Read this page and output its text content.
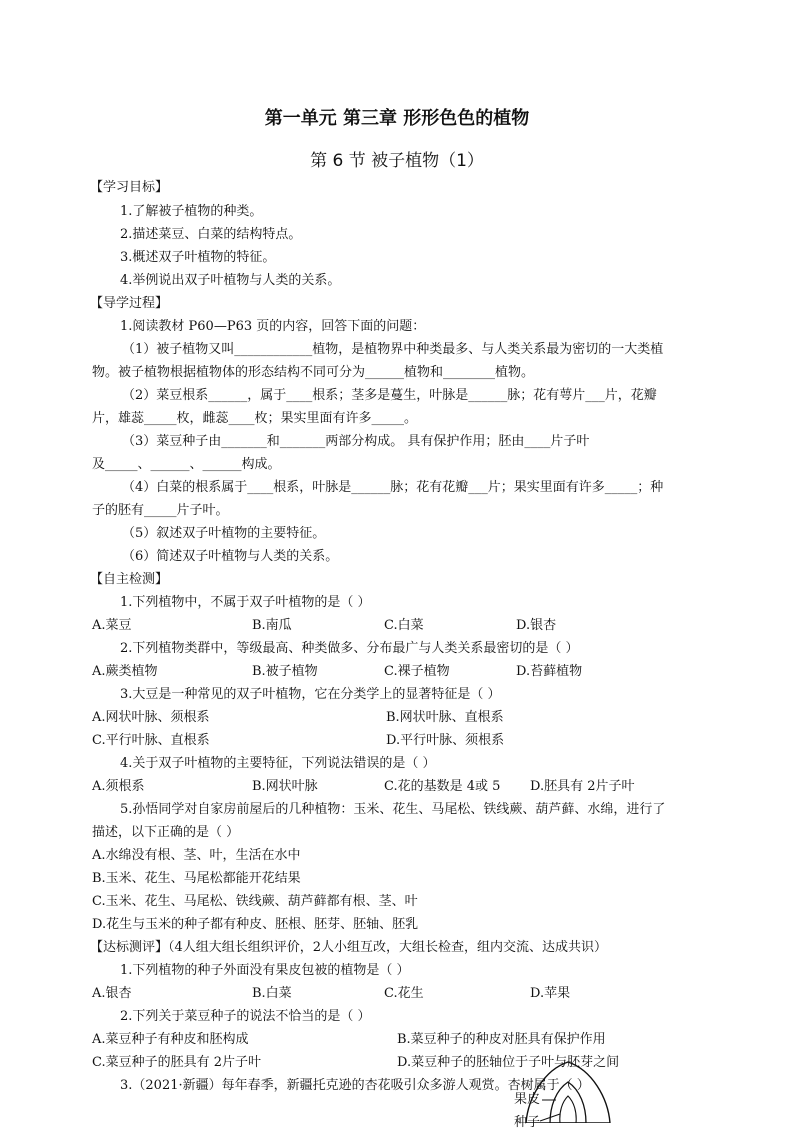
第一单元 第三章 形形色色的植物
第 6 节 被子植物（1）
【学习目标】
1.了解被子植物的种类。
2.描述菜豆、白菜的结构特点。
3.概述双子叶植物的特征。
4.举例说出双子叶植物与人类的关系。
【导学过程】
1.阅读教材 P60—P63 页的内容，回答下面的问题：
（1）被子植物又叫____________植物，是植物界中种类最多、与人类关系最为密切的一大类植
物。被子植物根据植物体的形态结构不同可分为______植物和________植物。
（2）菜豆根系______，属于____根系；茎多是蔓生，叶脉是______脉；花有萼片___片，花瓣
片，雄蕊_____枚，雌蕊____枚；果实里面有许多_____。
（3）菜豆种子由_______和_______两部分构成。 具有保护作用；胚由____片子叶
及_____、______、______构成。
（4）白菜的根系属于____根系，叶脉是______脉；花有花瓣___片；果实里面有许多_____；种
子的胚有_____片子叶。
（5）叙述双子叶植物的主要特征。
（6）简述双子叶植物与人类的关系。
【自主检测】
1.下列植物中，不属于双子叶植物的是（ ）
A.菜豆	B.南瓜	C.白菜	D.银杏
2.下列植物类群中，等级最高、种类做多、分布最广与人类关系最密切的是（ ）
A.蕨类植物	B.被子植物	C.裸子植物	D.苔藓植物
3.大豆是一种常见的双子叶植物，它在分类学上的显著特征是（ ）
A.网状叶脉、须根系	B.网状叶脉、直根系
C.平行叶脉、直根系	D.平行叶脉、须根系
4.关于双子叶植物的主要特征，下列说法错误的是（ ）
A.须根系	B.网状叶脉	C.花的基数是 4或 5 D.胚具有 2片子叶
5.孙悟同学对自家房前屋后的几种植物：玉米、花生、马尾松、铁线蕨、葫芦藓、水绵，进行了
描述，以下正确的是（ ）
A.水绵没有根、茎、叶，生活在水中
B.玉米、花生、马尾松都能开花结果
C.玉米、花生、马尾松、铁线蕨、葫芦藓都有根、茎、叶
D.花生与玉米的种子都有种皮、胚根、胚芽、胚轴、胚乳
【达标测评】（4人组大组长组织评价，2人小组互改，大组长检查，组内交流、达成共识）
1.下列植物的种子外面没有果皮包被的植物是（ ）
A.银杏	B.白菜	C.花生	D.苹果
2.下列关于菜豆种子的说法不恰当的是（ ）
A.菜豆种子有种皮和胚构成	B.菜豆种子的种皮对胚具有保护作用
C.菜豆种子的胚具有 2片子叶	D.菜豆种子的胚轴位于子叶与胚芽之间
3.（2021·新疆）每年春季，新疆托克逊的杏花吸引众多游人观赏。杏树属于（ ）
果皮
种子
